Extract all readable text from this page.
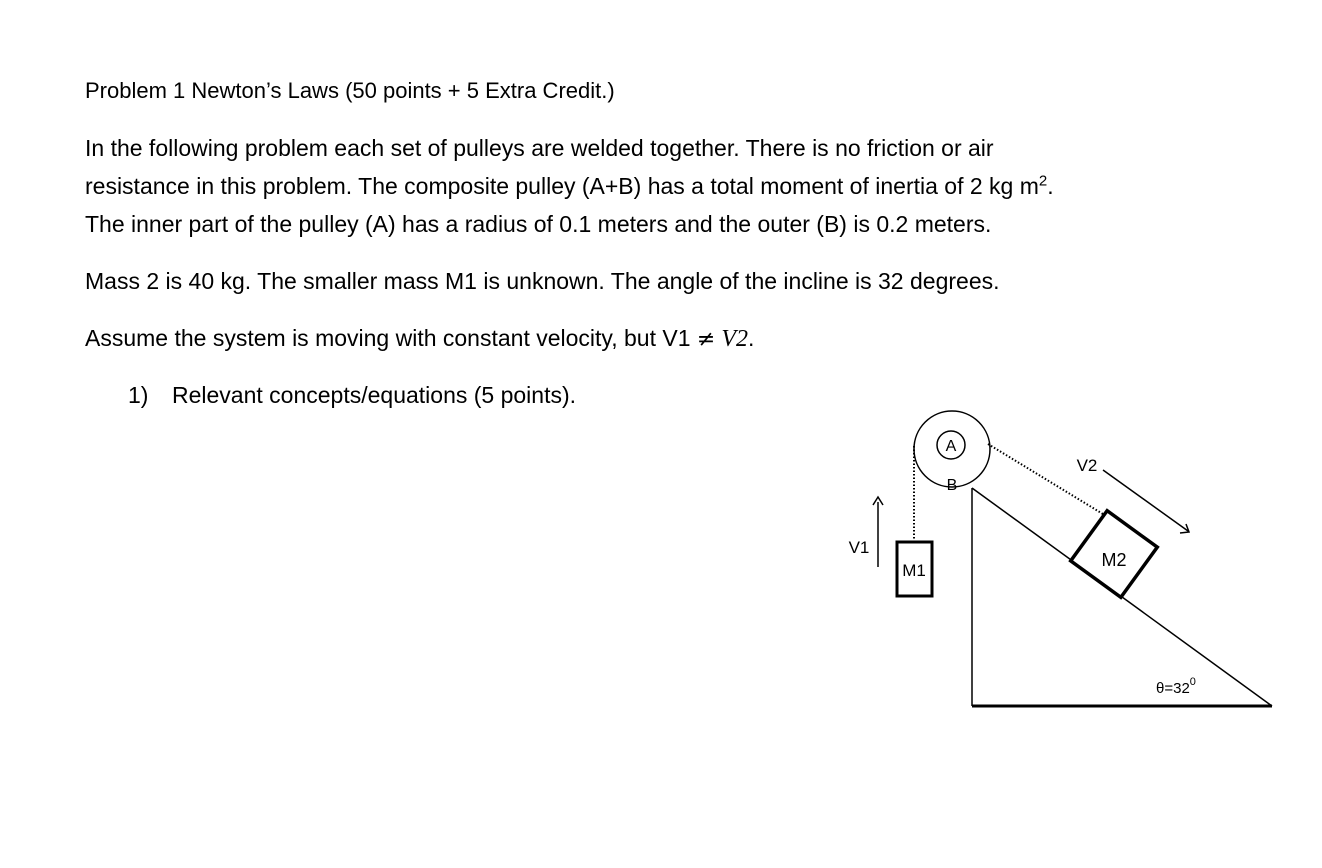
Problem 1 Newton’s Laws (50 points + 5 Extra Credit.)
In the following problem each set of pulleys are welded together. There is no friction or air
resistance in this problem. The composite pulley (A+B) has a total moment of inertia of 2 kg $m^2$.
The inner part of the pulley (A) has a radius of 0.1 meters and the outer (B) is 0.2 meters.
Mass 2 is 40 kg. The smaller mass M1 is unknown. The angle of the incline is 32 degrees.
Assume the system is moving with constant velocity, but V1 ≠ V2.
1) Relevant concepts/equations (5 points).
A
B
M1
M2
V1
V2
$\theta=32^0$
